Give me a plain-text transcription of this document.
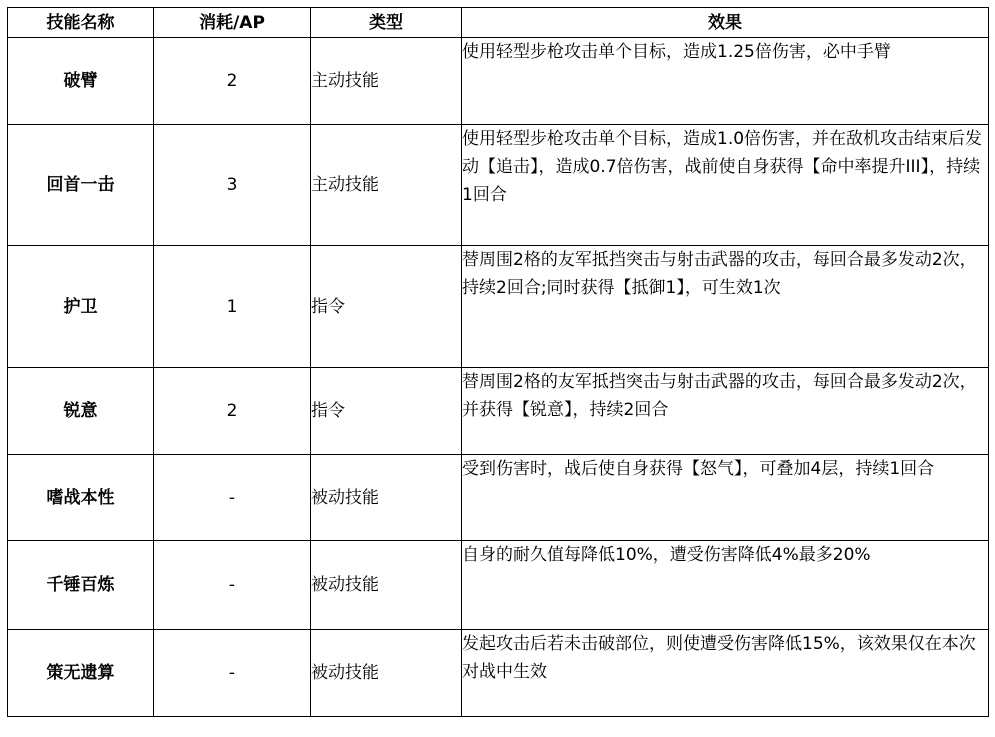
技能名称	消耗/AP	类型	效果
破臂	2	主动技能	使用轻型步枪攻击单个目标，造成1.25倍伤害，必中手臂
回首一击	3	主动技能	使用轻型步枪攻击单个目标，造成1.0倍伤害，并在敌机攻击结束后发动【追击】，造成0.7倍伤害，战前使自身获得【命中率提升III】，持续1回合
护卫	1	指令	替周围2格的友军抵挡突击与射击武器的攻击，每回合最多发动2次，持续2回合;同时获得【抵御1】，可生效1次
锐意	2	指令	替周围2格的友军抵挡突击与射击武器的攻击，每回合最多发动2次，并获得【锐意】，持续2回合
嗜战本性	-	被动技能	受到伤害时，战后使自身获得【怒气】，可叠加4层，持续1回合
千锤百炼	-	被动技能	自身的耐久值每降低10%，遭受伤害降低4%最多20%
策无遗算	-	被动技能	发起攻击后若未击破部位，则使遭受伤害降低15%，该效果仅在本次对战中生效
